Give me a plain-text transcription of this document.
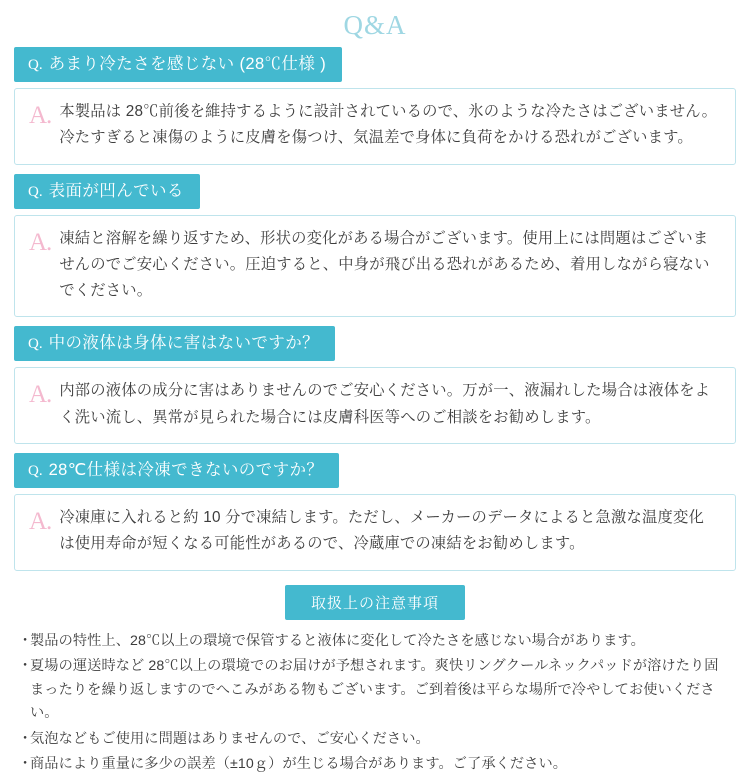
Q&A
Q. あまり冷たさを感じない (28℃仕様 )
A. 本製品は 28℃前後を維持するように設計されているので、氷のような冷たさはございません。冷たすぎると凍傷のように皮膚を傷つけ、気温差で身体に負荷をかける恐れがございます。
Q. 表面が凹んでいる
A. 凍結と溶解を繰り返すため、形状の変化がある場合がございます。使用上には問題はございませんのでご安心ください。圧迫すると、中身が飛び出る恐れがあるため、着用しながら寝ないでください。
Q. 中の液体は身体に害はないですか？
A. 内部の液体の成分に害はありませんのでご安心ください。万が一、液漏れした場合は液体をよく洗い流し、異常が見られた場合には皮膚科医等へのご相談をお勧めします。
Q. 28℃仕様は冷凍できないのですか？
A. 冷凍庫に入れると約 10 分で凍結します。ただし、メーカーのデータによると急激な温度変化は使用寿命が短くなる可能性があるので、冷蔵庫での凍結をお勧めします。
取扱上の注意事項
・
製品の特性上、28℃以上の環境で保管すると液体に変化して冷たさを感じない場合があります。
・
夏場の運送時など 28℃以上の環境でのお届けが予想されます。爽快リングクールネックパッドが溶けたり固まったりを繰り返しますのでへこみがある物もございます。ご到着後は平らな場所で冷やしてお使いください。
・
気泡などもご使用に問題はありませんので、ご安心ください。
・
商品により重量に多少の誤差（±10ｇ）が生じる場合があります。ご了承ください。
